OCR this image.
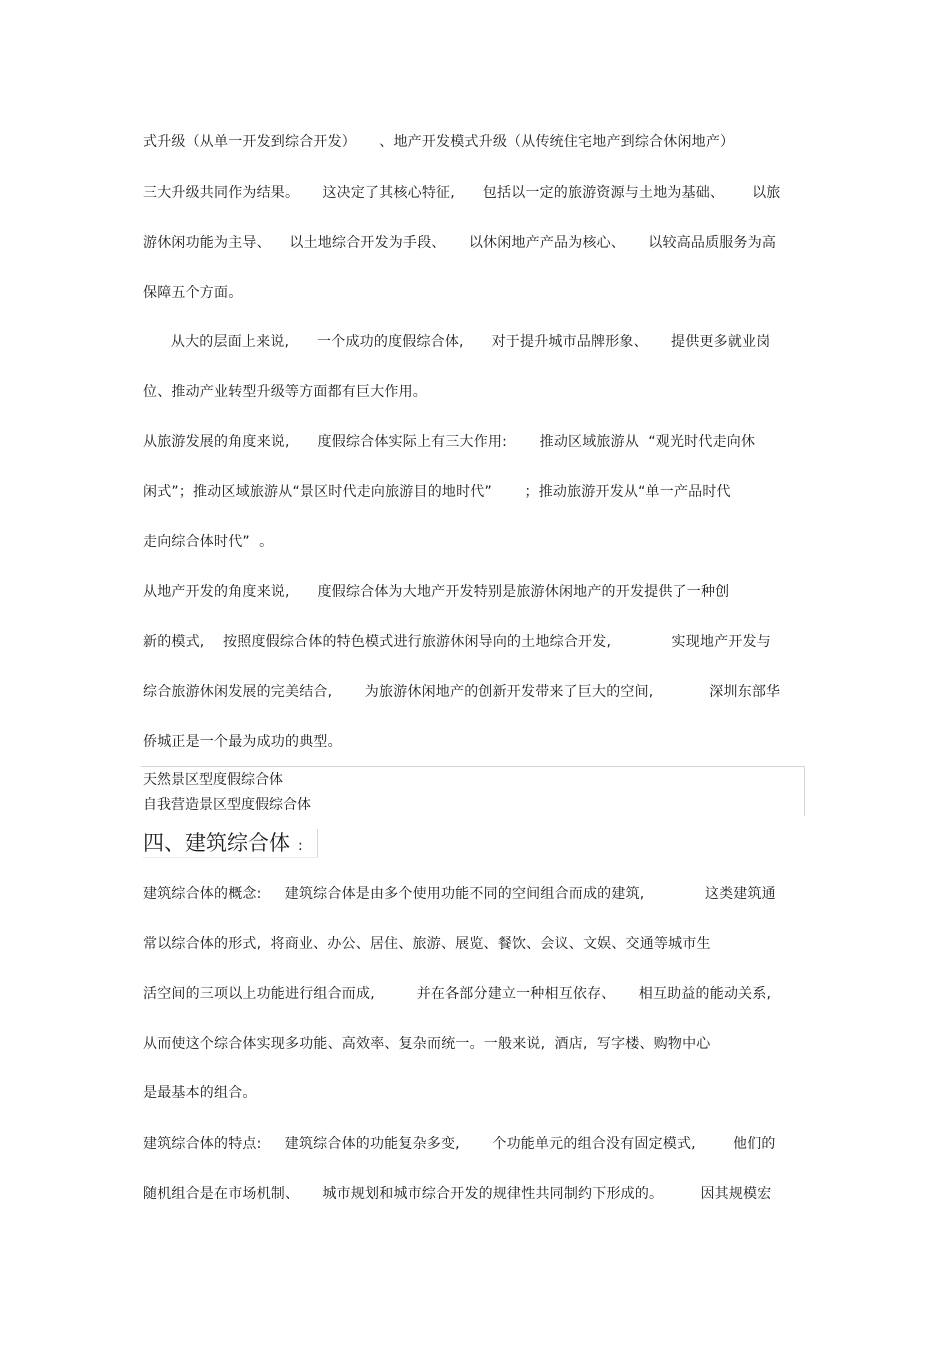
式升级（从单一开发到综合开发）     、地产开发模式升级（从传统住宅地产到综合休闲地产）
三大升级共同作为结果。     这决定了其核心特征,      包括以一定的旅游资源与土地为基础、      以旅
游休闲功能为主导、    以土地综合开发为手段、     以休闲地产产品为核心、     以较高品质服务为高
保障五个方面。
从大的层面上来说,      一个成功的度假综合体,      对于提升城市品牌形象、     提供更多就业岗
位、推动产业转型升级等方面都有巨大作用。
从旅游发展的角度来说,      度假综合体实际上有三大作用:       推动区域旅游从  “观光时代走向休
闲式”；推动区域旅游从“景区时代走向旅游目的地时代”       ；推动旅游开发从“单一产品时代
走向综合体时代”  。
从地产开发的角度来说,      度假综合体为大地产开发特别是旅游休闲地产的开发提供了一种创
新的模式,    按照度假综合体的特色模式进行旅游休闲导向的土地综合开发,             实现地产开发与
综合旅游休闲发展的完美结合,       为旅游休闲地产的创新开发带来了巨大的空间,            深圳东部华
侨城正是一个最为成功的典型。
天然景区型度假综合体
自我营造景区型度假综合体
四、建筑综合体 :
建筑综合体的概念:     建筑综合体是由多个使用功能不同的空间组合而成的建筑,             这类建筑通
常以综合体的形式,  将商业、办公、居住、旅游、展览、餐饮、会议、文娱、交通等城市生
活空间的三项以上功能进行组合而成,         并在各部分建立一种相互依存、     相互助益的能动关系,
从而使这个综合体实现多功能、高效率、复杂而统一。一般来说,  酒店,  写字楼、购物中心
是最基本的组合。
建筑综合体的特点:     建筑综合体的功能复杂多变,       个功能单元的组合没有固定模式,        他们的
随机组合是在市场机制、     城市规划和城市综合开发的规律性共同制约下形成的。        因其规模宏
